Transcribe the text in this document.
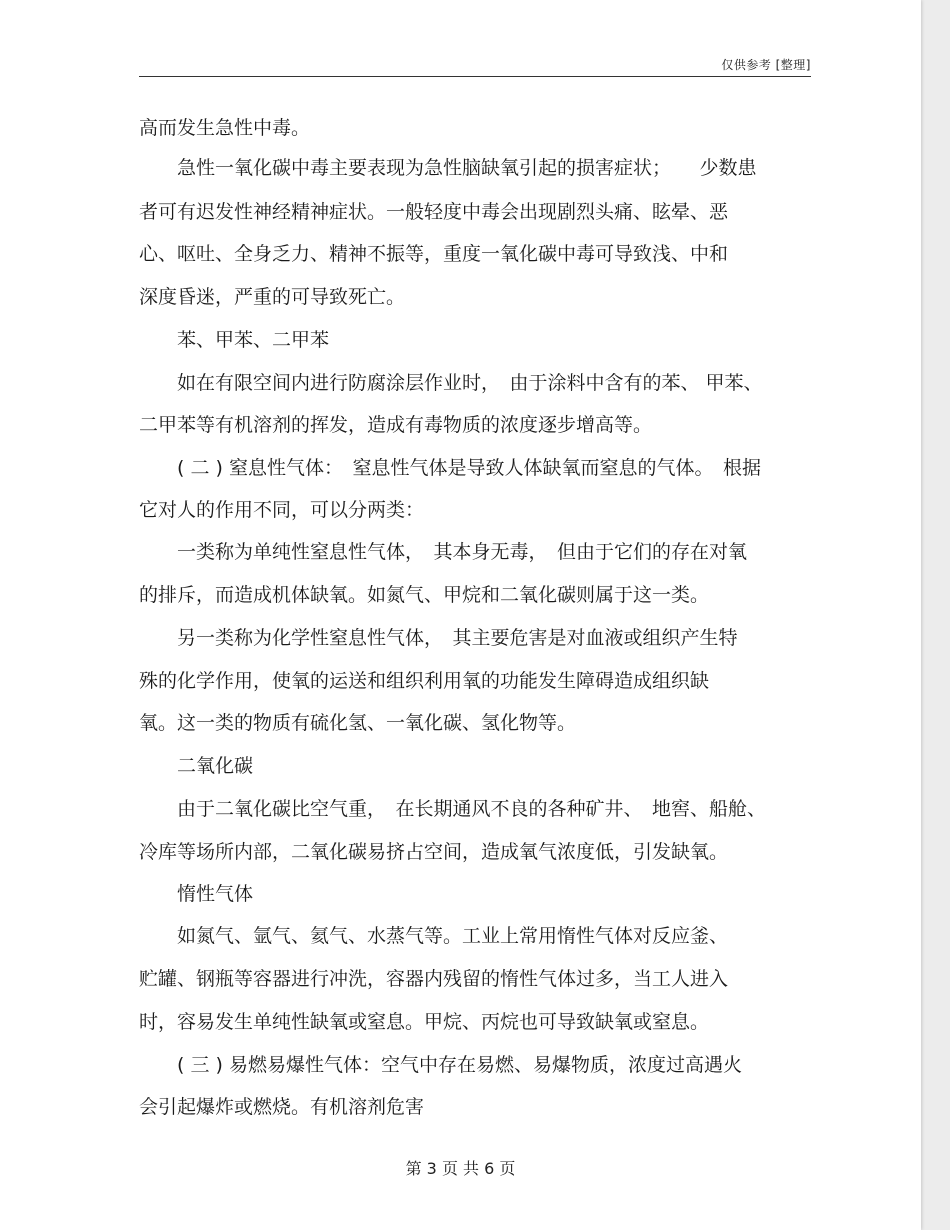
仅供参考 [整理]
高而发生急性中毒。
　　急性一氧化碳中毒主要表现为急性脑缺氧引起的损害症状；　　少数患
者可有迟发性神经精神症状。一般轻度中毒会出现剧烈头痛、眩晕、恶
心、呕吐、全身乏力、精神不振等，重度一氧化碳中毒可导致浅、中和
深度昏迷，严重的可导致死亡。
　　苯、甲苯、二甲苯
　　如在有限空间内进行防腐涂层作业时，　由于涂料中含有的苯、 甲苯、
二甲苯等有机溶剂的挥发，造成有毒物质的浓度逐步增高等。
　　( 二 ) 窒息性气体：　窒息性气体是导致人体缺氧而窒息的气体。　根据
它对人的作用不同，可以分两类：
　　一类称为单纯性窒息性气体，　其本身无毒，　但由于它们的存在对氧
的排斥，而造成机体缺氧。如氮气、甲烷和二氧化碳则属于这一类。
　　另一类称为化学性窒息性气体，　其主要危害是对血液或组织产生特
殊的化学作用，使氧的运送和组织利用氧的功能发生障碍造成组织缺
氧。这一类的物质有硫化氢、一氧化碳、氢化物等。
　　二氧化碳
　　由于二氧化碳比空气重，　在长期通风不良的各种矿井、　地窖、船舱、
冷库等场所内部，二氧化碳易挤占空间，造成氧气浓度低，引发缺氧。
　　惰性气体
　　如氮气、氩气、氦气、水蒸气等。工业上常用惰性气体对反应釜、
贮罐、钢瓶等容器进行冲洗，容器内残留的惰性气体过多，当工人进入
时，容易发生单纯性缺氧或窒息。甲烷、丙烷也可导致缺氧或窒息。
　　( 三 ) 易燃易爆性气体：空气中存在易燃、易爆物质，浓度过高遇火
会引起爆炸或燃烧。有机溶剂危害
第 3 页 共 6 页
